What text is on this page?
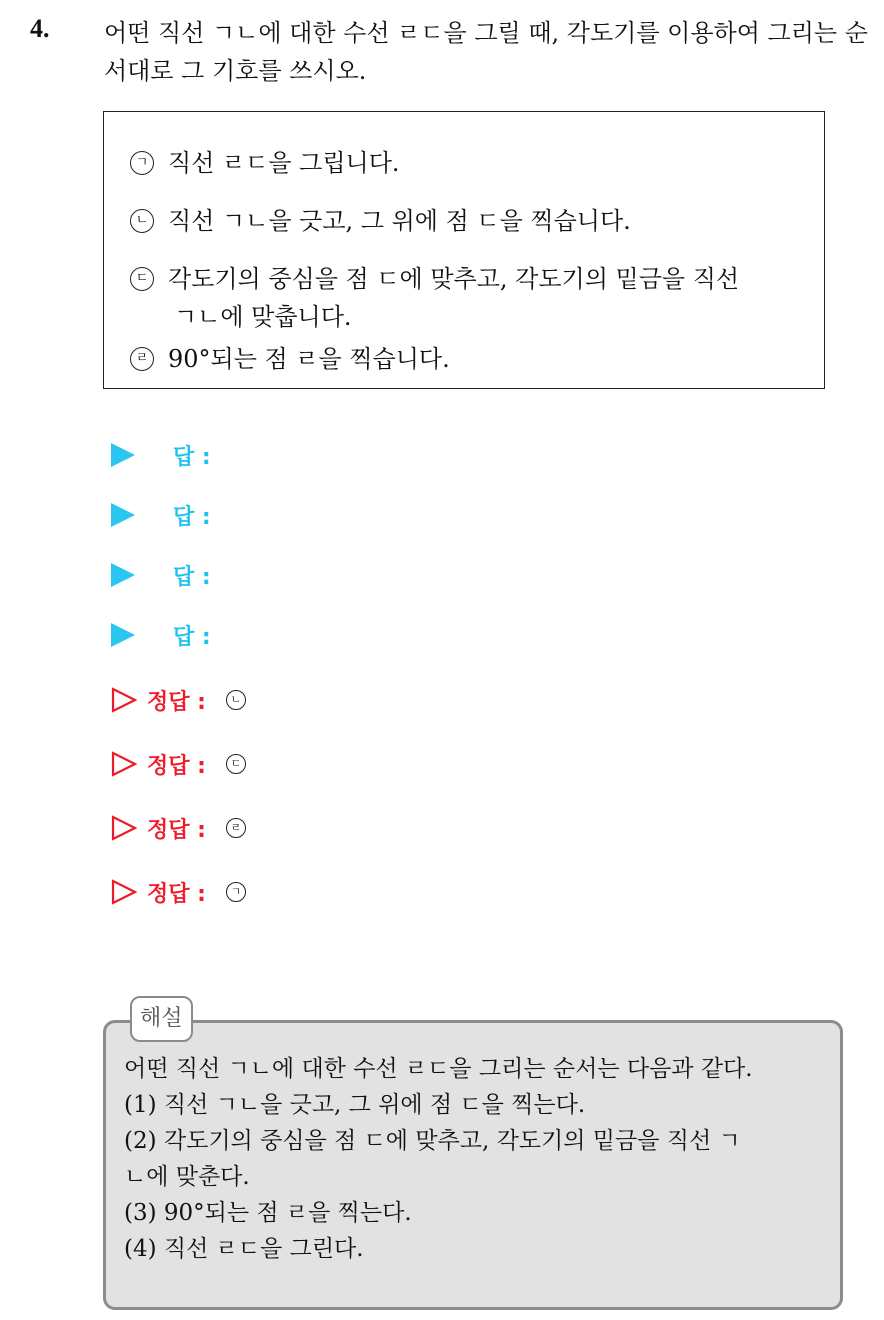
4. 어떤 직선 ㄱㄴ에 대한 수선 ㄹㄷ을 그릴 때, 각도기를 이용하여 그리는 순서대로 그 기호를 쓰시오.
ㄱ 직선 ㄹㄷ을 그립니다.
ㄴ 직선 ㄱㄴ을 긋고, 그 위에 점 ㄷ을 찍습니다.
ㄷ 각도기의 중심을 점 ㄷ에 맞추고, 각도기의 밑금을 직선
ㄱㄴ에 맞춥니다.
ㄹ 90°되는 점 ㄹ을 찍습니다.
답 :
답 :
답 :
답 :
정답 :	ㄴ
정답 :	ㄷ
정답 :	ㄹ
정답 :	ㄱ
해설
어떤 직선 ㄱㄴ에 대한 수선 ㄹㄷ을 그리는 순서는 다음과 같다.
(1) 직선 ㄱㄴ을 긋고, 그 위에 점 ㄷ을 찍는다.
(2) 각도기의 중심을 점 ㄷ에 맞추고, 각도기의 밑금을 직선 ㄱ
ㄴ에 맞춘다.
(3) 90°되는 점 ㄹ을 찍는다.
(4) 직선 ㄹㄷ을 그린다.
